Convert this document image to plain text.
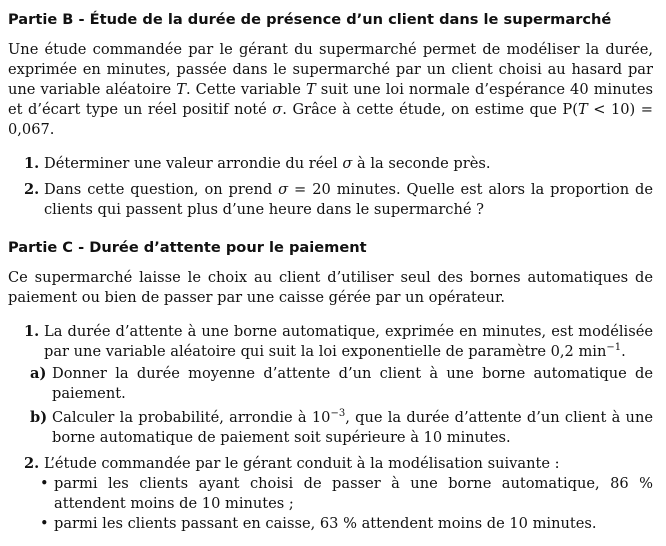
Partie B - Étude de la durée de présence d’un client dans le supermarché

Une étude commandée par le gérant du supermarché permet de modéliser la durée, exprimée en minutes, passée dans le supermarché par un client choisi au hasard par une variable aléatoire T. Cette variable T suit une loi normale d’espérance 40 minutes et d’écart type un réel positif noté σ. Grâce à cette étude, on estime que P(T < 10) = 0,067.

1. Déterminer une valeur arrondie du réel σ à la seconde près.
2. Dans cette question, on prend σ = 20 minutes. Quelle est alors la proportion de clients qui passent plus d’une heure dans le supermarché ?
Partie C - Durée d’attente pour le paiement

Ce supermarché laisse le choix au client d’utiliser seul des bornes automatiques de paiement ou bien de passer par une caisse gérée par un opérateur.

1. La durée d’attente à une borne automatique, exprimée en minutes, est modélisée par une variable aléatoire qui suit la loi exponentielle de paramètre 0,2 $\min^{-1}$.
a) Donner la durée moyenne d’attente d’un client à une borne automatique de paiement.
b) Calculer la probabilité, arrondie à $10^{-3}$, que la durée d’attente d’un client à une borne automatique de paiement soit supérieure à 10 minutes.
2. L’étude commandée par le gérant conduit à la modélisation suivante :
• parmi les clients ayant choisi de passer à une borne automatique, 86 % attendent moins de 10 minutes ;
• parmi les clients passant en caisse, 63 % attendent moins de 10 minutes.
